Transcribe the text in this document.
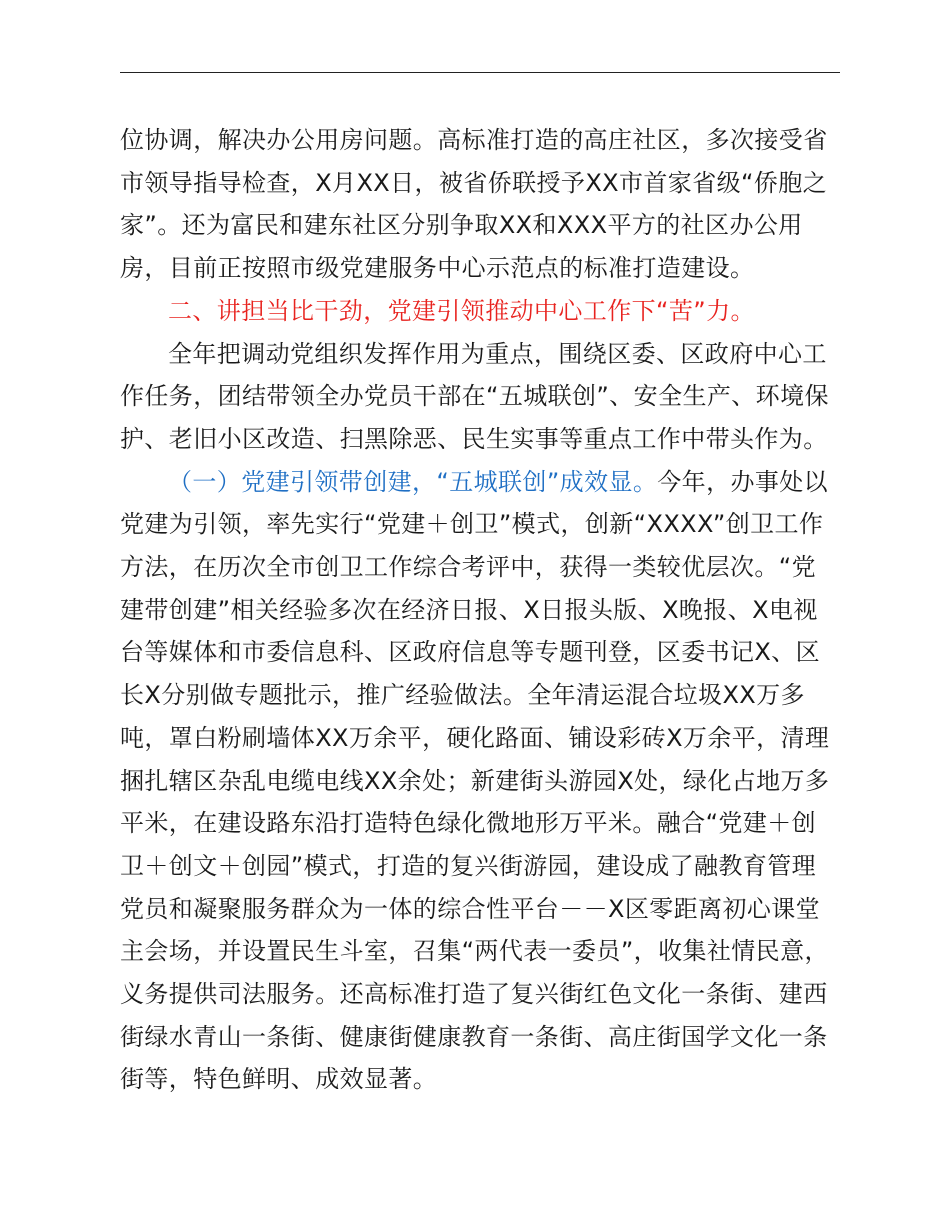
位协调，解决办公用房问题。高标准打造的高庄社区，多次接受省市领导指导检查，X月XX日，被省侨联授予XX市首家省级“侨胞之家”。还为富民和建东社区分别争取XX和XXX平方的社区办公用房，目前正按照市级党建服务中心示范点的标准打造建设。

二、讲担当比干劲，党建引领推动中心工作下“苦”力。

全年把调动党组织发挥作用为重点，围绕区委、区政府中心工作任务，团结带领全办党员干部在“五城联创”、安全生产、环境保护、老旧小区改造、扫黑除恶、民生实事等重点工作中带头作为。

（一）党建引领带创建，“五城联创”成效显。今年，办事处以党建为引领，率先实行“党建＋创卫”模式，创新“XXXX”创卫工作方法，在历次全市创卫工作综合考评中，获得一类较优层次。“党建带创建”相关经验多次在经济日报、X日报头版、X晚报、X电视台等媒体和市委信息科、区政府信息等专题刊登，区委书记X、区长X分别做专题批示，推广经验做法。全年清运混合垃圾XX万多吨，罩白粉刷墙体XX万余平，硬化路面、铺设彩砖X万余平，清理捆扎辖区杂乱电缆电线XX余处；新建街头游园X处，绿化占地万多平米，在建设路东沿打造特色绿化微地形万平米。融合“党建＋创卫＋创文＋创园”模式，打造的复兴街游园，建设成了融教育管理党员和凝聚服务群众为一体的综合性平台－－X区零距离初心课堂主会场，并设置民生斗室，召集“两代表一委员”，收集社情民意，义务提供司法服务。还高标准打造了复兴街红色文化一条街、建西街绿水青山一条街、健康街健康教育一条街、高庄街国学文化一条街等，特色鲜明、成效显著。
